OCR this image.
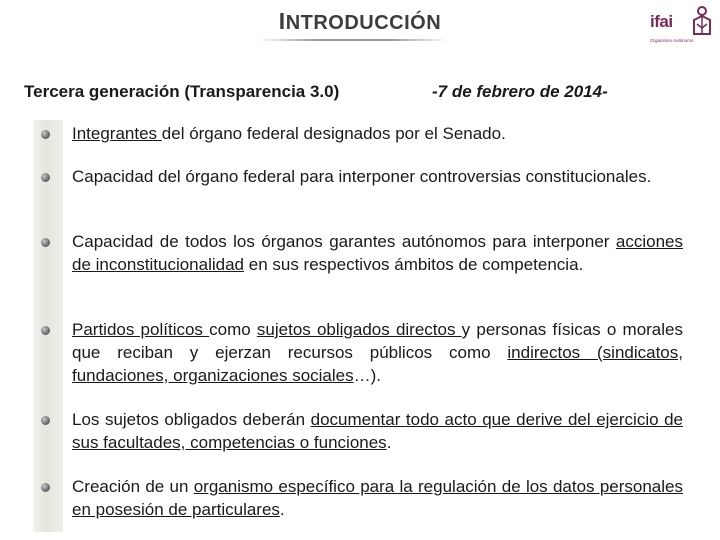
INTRODUCCIÓN	ifai
Organismo Autónomo
Tercera generación (Transparencia 3.0)	-7 de febrero de 2014-
Integrantes del órgano federal designados por el Senado.
Capacidad del órgano federal para interponer controversias constitucionales.
Capacidad de todos los órganos garantes autónomos para interponer acciones de inconstitucionalidad en sus respectivos ámbitos de competencia.
Partidos políticos como sujetos obligados directos y personas físicas o morales que reciban y ejerzan recursos públicos como indirectos (sindicatos, fundaciones, organizaciones sociales…).
Los sujetos obligados deberán documentar todo acto que derive del ejercicio de sus facultades, competencias o funciones.
Creación de un organismo específico para la regulación de los datos personales en posesión de particulares.
